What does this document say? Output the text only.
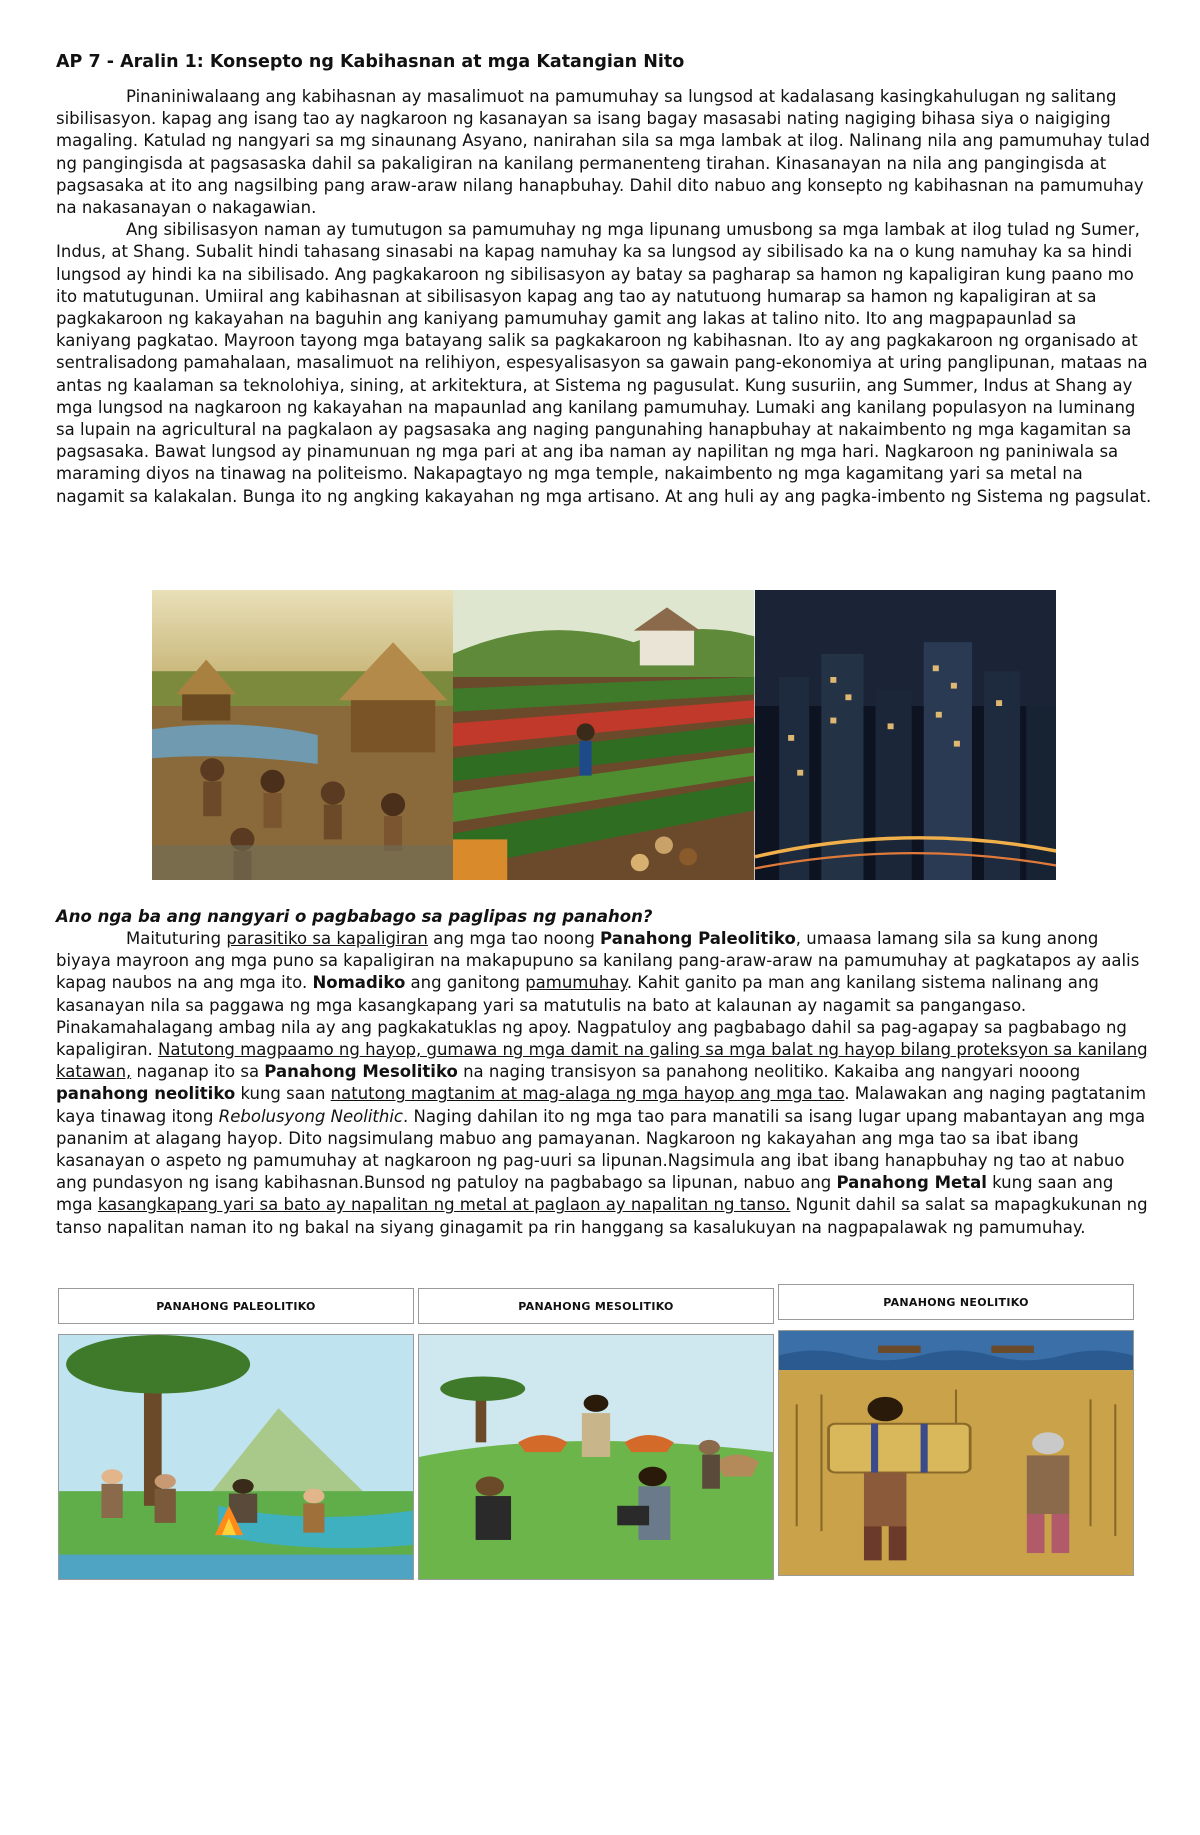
AP 7 - Aralin 1: Konsepto ng Kabihasnan at mga Katangian Nito

Pinaniniwalaang ang kabihasnan ay masalimuot na pamumuhay sa lungsod at kadalasang kasingkahulugan ng salitang sibilisasyon. kapag ang isang tao ay nagkaroon ng kasanayan sa isang bagay masasabi nating nagiging bihasa siya o naigiging magaling. Katulad ng nangyari sa mg sinaunang Asyano, nanirahan sila sa mga lambak at ilog. Nalinang nila ang pamumuhay tulad ng pangingisda at pagsasaska dahil sa pakaligiran na kanilang permanenteng tirahan. Kinasanayan na nila ang pangingisda at pagsasaka at ito ang nagsilbing pang araw-araw nilang hanapbuhay. Dahil dito nabuo ang konsepto ng kabihasnan na pamumuhay na nakasanayan o nakagawian.

Ang sibilisasyon naman ay tumutugon sa pamumuhay ng mga lipunang umusbong sa mga lambak at ilog tulad ng Sumer, Indus, at Shang. Subalit hindi tahasang sinasabi na kapag namuhay ka sa lungsod ay sibilisado ka na o kung namuhay ka sa hindi lungsod ay hindi ka na sibilisado. Ang pagkakaroon ng sibilisasyon ay batay sa pagharap sa hamon ng kapaligiran kung paano mo ito matutugunan. Umiiral ang kabihasnan at sibilisasyon kapag ang tao ay natutuong humarap sa hamon ng kapaligiran at sa pagkakaroon ng kakayahan na baguhin ang kaniyang pamumuhay gamit ang lakas at talino nito. Ito ang magpapaunlad sa kaniyang pagkatao. Mayroon tayong mga batayang salik sa pagkakaroon ng kabihasnan. Ito ay ang pagkakaroon ng organisado at sentralisadong pamahalaan, masalimuot na relihiyon, espesyalisasyon sa gawain pang-ekonomiya at uring panglipunan, mataas na antas ng kaalaman sa teknolohiya, sining, at arkitektura, at Sistema ng pagusulat. Kung susuriin, ang Summer, Indus at Shang ay mga lungsod na nagkaroon ng kakayahan na mapaunlad ang kanilang pamumuhay. Lumaki ang kanilang populasyon na luminang sa lupain na agricultural na pagkalaon ay pagsasaka ang naging pangunahing hanapbuhay at nakaimbento ng mga kagamitan sa pagsasaka. Bawat lungsod ay pinamunuan ng mga pari at ang iba naman ay napilitan ng mga hari. Nagkaroon ng paniniwala sa maraming diyos na tinawag na politeismo. Nakapagtayo ng mga temple, nakaimbento ng mga kagamitang yari sa metal na nagamit sa kalakalan. Bunga ito ng angking kakayahan ng mga artisano. At ang huli ay ang pagka-imbento ng Sistema ng pagsulat.

Ano nga ba ang nangyari o pagbabago sa paglipas ng panahon?

Maituturing parasitiko sa kapaligiran ang mga tao noong Panahong Paleolitiko, umaasa lamang sila sa kung anong biyaya mayroon ang mga puno sa kapaligiran na makapupuno sa kanilang pang-araw-araw na pamumuhay at pagkatapos ay aalis kapag naubos na ang mga ito. Nomadiko ang ganitong pamumuhay. Kahit ganito pa man ang kanilang sistema nalinang ang kasanayan nila sa paggawa ng mga kasangkapang yari sa matutulis na bato at kalaunan ay nagamit sa pangangaso. Pinakamahalagang ambag nila ay ang pagkakatuklas ng apoy. Nagpatuloy ang pagbabago dahil sa pag-agapay sa pagbabago ng kapaligiran. Natutong magpaamo ng hayop, gumawa ng mga damit na galing sa mga balat ng hayop bilang proteksyon sa kanilang katawan, naganap ito sa Panahong Mesolitiko na naging transisyon sa panahong neolitiko. Kakaiba ang nangyari nooong panahong neolitiko kung saan natutong magtanim at mag-alaga ng mga hayop ang mga tao. Malawakan ang naging pagtatanim kaya tinawag itong Rebolusyong Neolithic. Naging dahilan ito ng mga tao para manatili sa isang lugar upang mabantayan ang mga pananim at alagang hayop. Dito nagsimulang mabuo ang pamayanan. Nagkaroon ng kakayahan ang mga tao sa ibat ibang kasanayan o aspeto ng pamumuhay at nagkaroon ng pag-uuri sa lipunan.Nagsimula ang ibat ibang hanapbuhay ng tao at nabuo ang pundasyon ng isang kabihasnan.Bunsod ng patuloy na pagbabago sa lipunan, nabuo ang Panahong Metal kung saan ang mga kasangkapang yari sa bato ay napalitan ng metal at paglaon ay napalitan ng tanso. Ngunit dahil sa salat sa mapagkukunan ng tanso napalitan naman ito ng bakal na siyang ginagamit pa rin hanggang sa kasalukuyan na nagpapalawak ng pamumuhay.

PANAHONG PALEOLITIKO	PANAHONG MESOLITIKO	PANAHONG NEOLITIKO
